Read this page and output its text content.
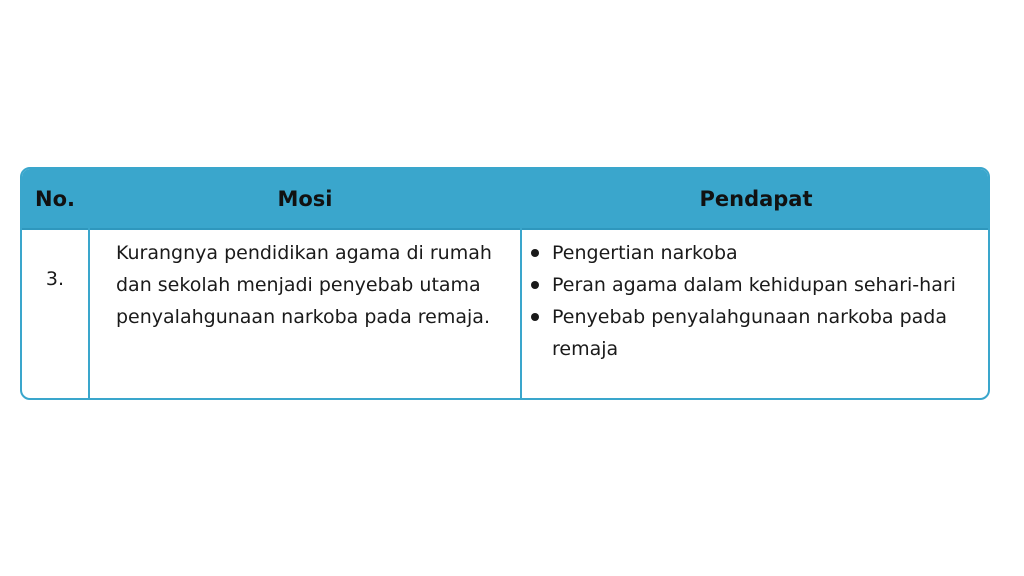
No.	Mosi	Pendapat
3.
Kurangnya pendidikan agama di rumah dan sekolah menjadi penyebab utama penyalahgunaan narkoba pada remaja.
Pengertian narkoba
Peran agama dalam kehidupan sehari-hari
Penyebab penyalahgunaan narkoba pada remaja
